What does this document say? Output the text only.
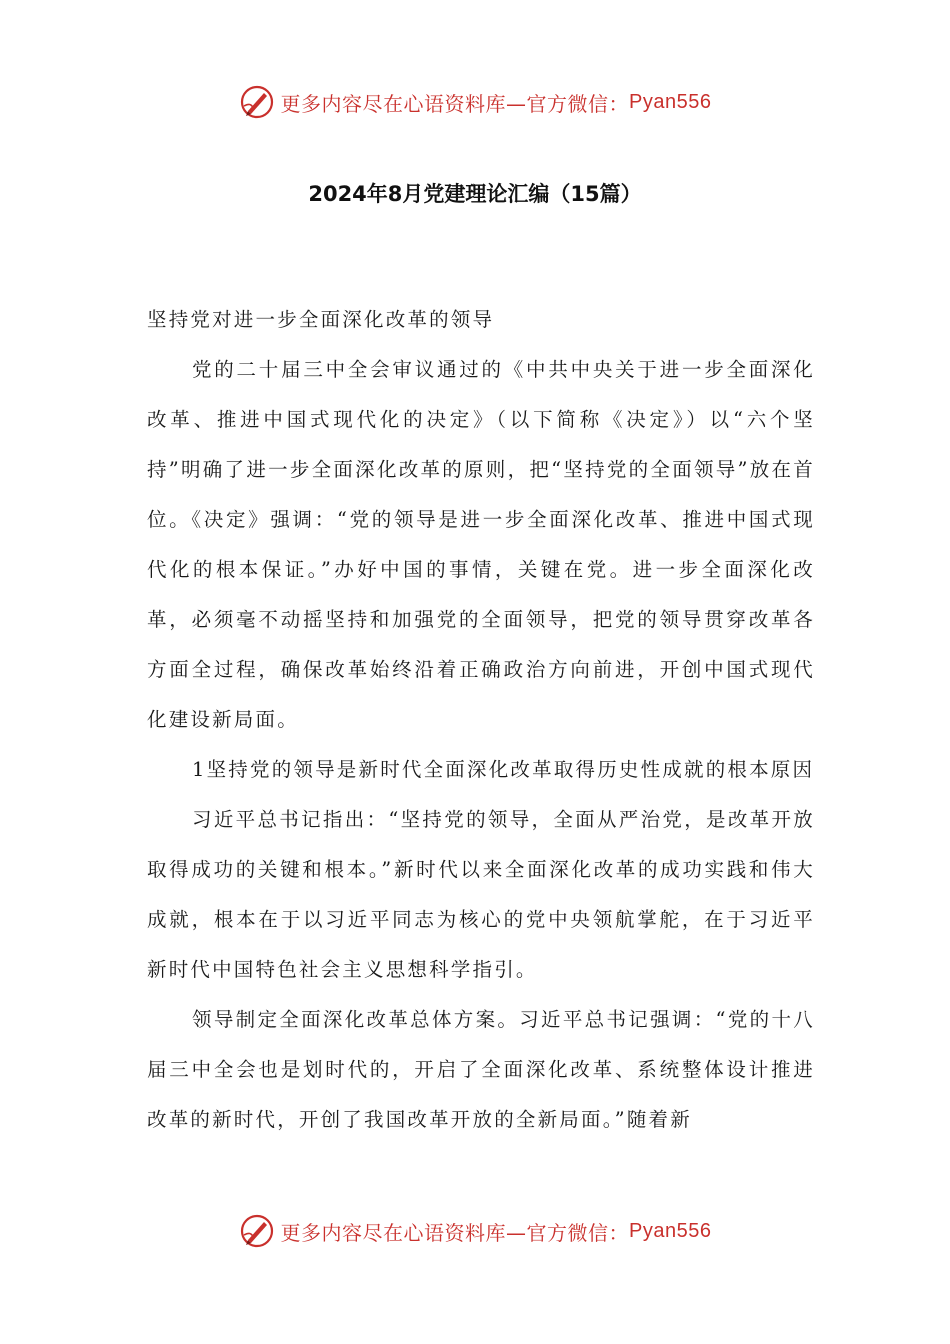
更多内容尽在心语资料库—官方微信： Pyan556
2024年8月党建理论汇编（15篇）

坚持党对进一步全面深化改革的领导

党的二十届三中全会审议通过的《中共中央关于进一步全面深化改革、推进中国式现代化的决定》（以下简称《决定》）以“六个坚持”明确了进一步全面深化改革的原则，把“坚持党的全面领导”放在首位。《决定》强调：“党的领导是进一步全面深化改革、推进中国式现代化的根本保证。”办好中国的事情，关键在党。进一步全面深化改革，必须毫不动摇坚持和加强党的全面领导，把党的领导贯穿改革各方面全过程，确保改革始终沿着正确政治方向前进，开创中国式现代化建设新局面。

1坚持党的领导是新时代全面深化改革取得历史性成就的根本原因

习近平总书记指出：“坚持党的领导，全面从严治党，是改革开放取得成功的关键和根本。”新时代以来全面深化改革的成功实践和伟大成就，根本在于以习近平同志为核心的党中央领航掌舵，在于习近平新时代中国特色社会主义思想科学指引。

领导制定全面深化改革总体方案。习近平总书记强调：“党的十八届三中全会也是划时代的，开启了全面深化改革、系统整体设计推进改革的新时代，开创了我国改革开放的全新局面。”随着新

更多内容尽在心语资料库—官方微信： Pyan556
